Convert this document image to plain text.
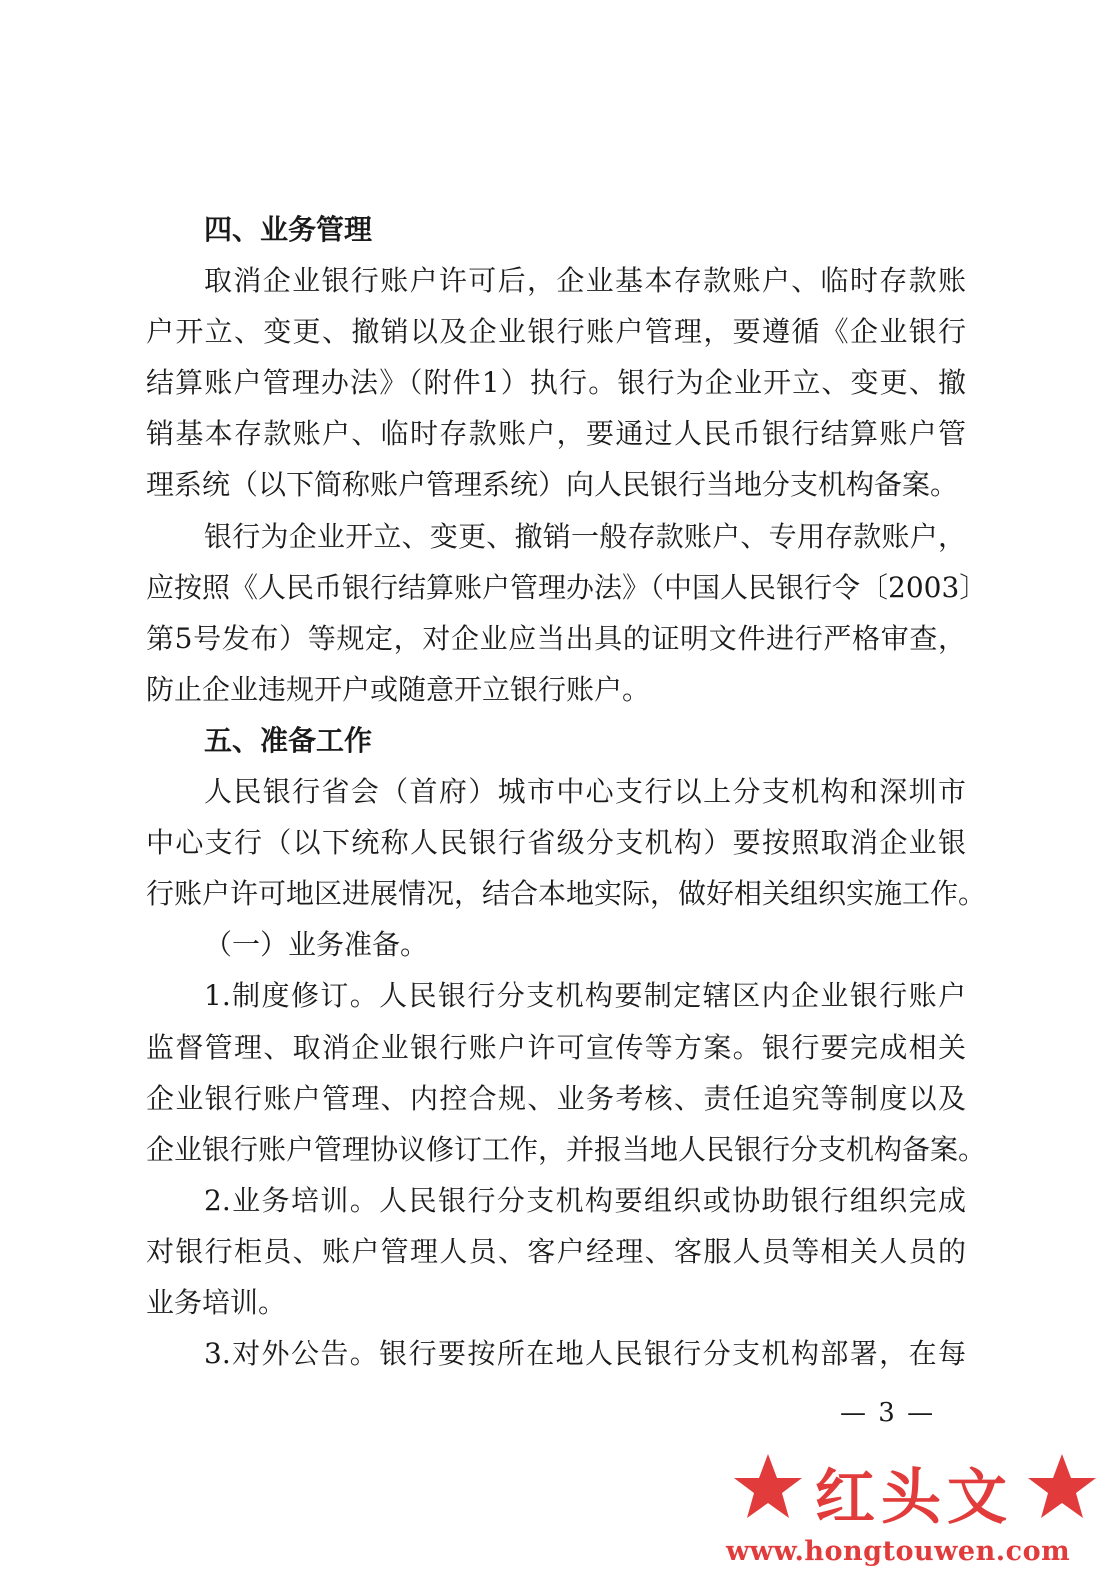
四、业务管理
取消企业银行账户许可后，企业基本存款账户、临时存款账
户开立、变更、撤销以及企业银行账户管理，要遵循《企业银行
结算账户管理办法》（附件1）执行。银行为企业开立、变更、撤
销基本存款账户、临时存款账户，要通过人民币银行结算账户管
理系统（以下简称账户管理系统）向人民银行当地分支机构备案。
银行为企业开立、变更、撤销一般存款账户、专用存款账户，
应按照《人民币银行结算账户管理办法》（中国人民银行令〔2003〕
第5号发布）等规定，对企业应当出具的证明文件进行严格审查，
防止企业违规开户或随意开立银行账户。
五、准备工作
人民银行省会（首府）城市中心支行以上分支机构和深圳市
中心支行（以下统称人民银行省级分支机构）要按照取消企业银
行账户许可地区进展情况，结合本地实际，做好相关组织实施工作。
（一）业务准备。
1.制度修订。人民银行分支机构要制定辖区内企业银行账户
监督管理、取消企业银行账户许可宣传等方案。银行要完成相关
企业银行账户管理、内控合规、业务考核、责任追究等制度以及
企业银行账户管理协议修订工作，并报当地人民银行分支机构备案。
2.业务培训。人民银行分支机构要组织或协助银行组织完成
对银行柜员、账户管理人员、客户经理、客服人员等相关人员的
业务培训。
3.对外公告。银行要按所在地人民银行分支机构部署，在每
— 3 —
红头文
www.hongtouwen.com
